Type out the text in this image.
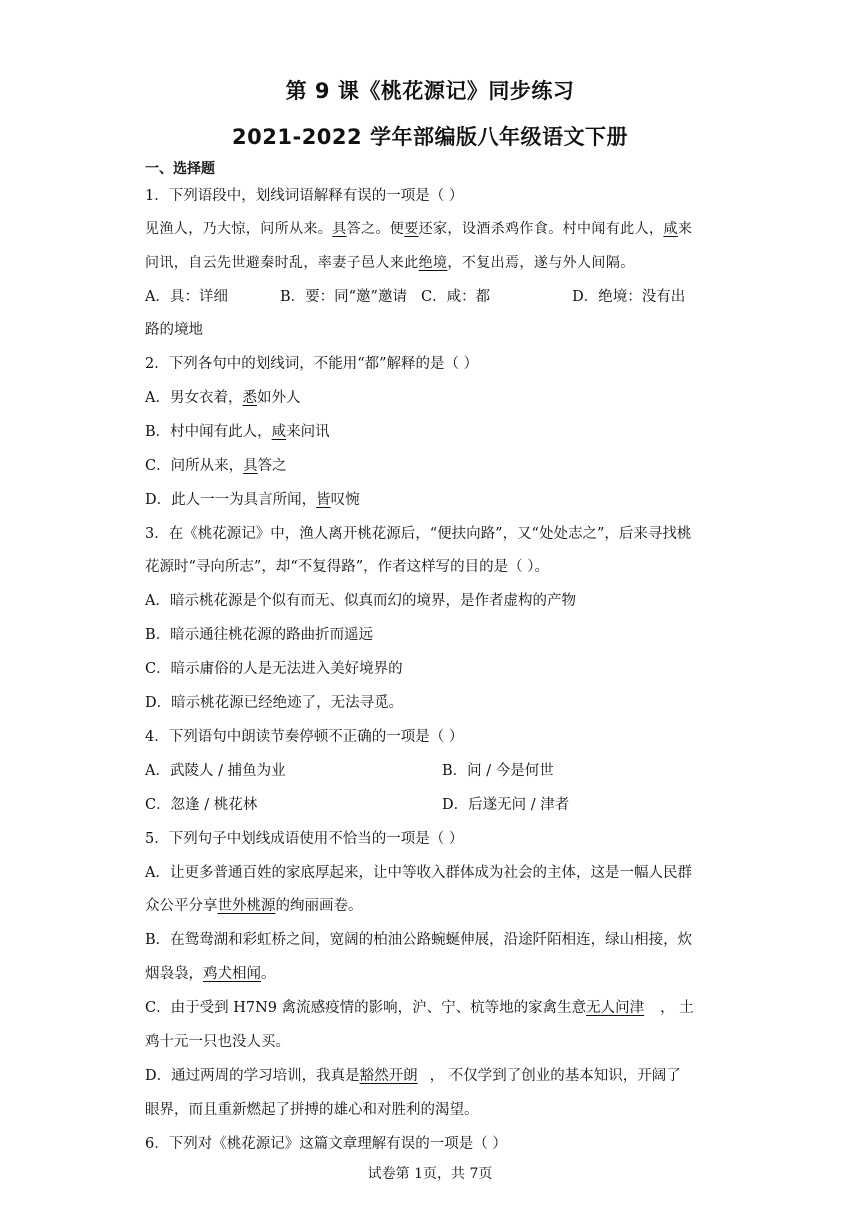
第 9 课《桃花源记》同步练习
2021-2022 学年部编版八年级语文下册
一、选择题
1．下列语段中，划线词语解释有误的一项是（ ）
见渔人，乃大惊，问所从来。具答之。便要还家，设酒杀鸡作食。村中闻有此人，咸来
问讯，自云先世避秦时乱，率妻子邑人来此绝境，不复出焉，遂与外人间隔。
A．具：详细	B．要：同“邀”邀请 C．咸：都	D．绝境：没有出
路的境地
2．下列各句中的划线词，不能用“都”解释的是（ ）
A．男女衣着，悉如外人
B．村中闻有此人，咸来问讯
C．问所从来，具答之
D．此人一一为具言所闻，皆叹惋
3．在《桃花源记》中，渔人离开桃花源后，“便扶向路”，又“处处志之”，后来寻找桃
花源时“寻向所志”，却“不复得路”，作者这样写的目的是（ ）。
A．暗示桃花源是个似有而无、似真而幻的境界，是作者虚构的产物
B．暗示通往桃花源的路曲折而遥远
C．暗示庸俗的人是无法进入美好境界的
D．暗示桃花源已经绝迹了，无法寻觅。
4．下列语句中朗读节奏停顿不正确的一项是（ ）
A．武陵人 / 捕鱼为业	B．问 / 今是何世
C．忽逢 / 桃花林	D．后遂无问 / 津者
5．下列句子中划线成语使用不恰当的一项是（ ）
A．让更多普通百姓的家底厚起来，让中等收入群体成为社会的主体，这是一幅人民群
众公平分享世外桃源的绚丽画卷。
B．在鸳鸯湖和彩虹桥之间，宽阔的柏油公路蜿蜒伸展，沿途阡陌相连，绿山相接，炊
烟袅袅，鸡犬相闻。
C．由于受到 H7N9 禽流感疫情的影响，沪、宁、杭等地的家禽生意无人问津 ， 土
鸡十元一只也没人买。
D．通过两周的学习培训，我真是豁然开朗 ， 不仅学到了创业的基本知识，开阔了
眼界，而且重新燃起了拼搏的雄心和对胜利的渴望。
6．下列对《桃花源记》这篇文章理解有误的一项是（ ）
试卷第 1页，共 7页
